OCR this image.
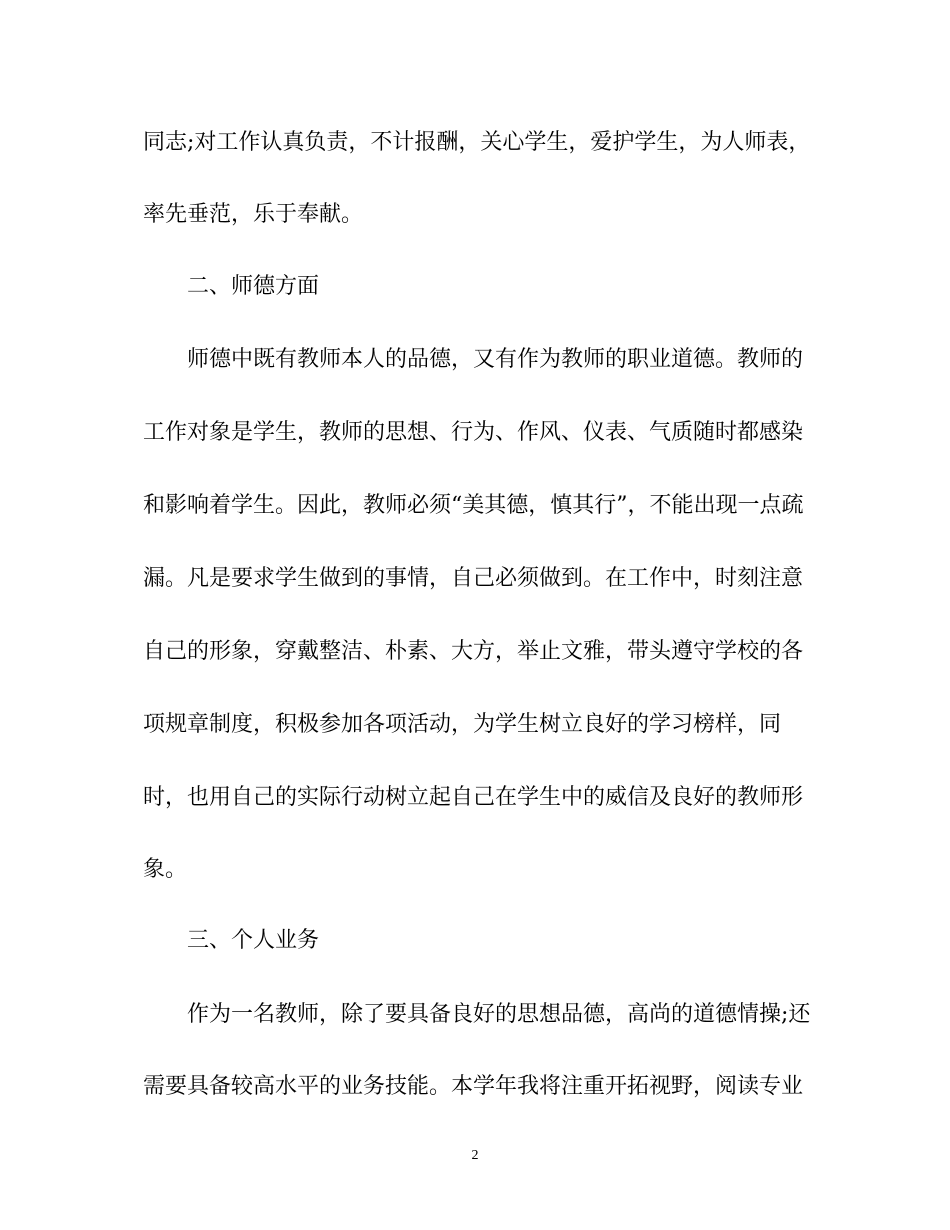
同志;对工作认真负责，不计报酬，关心学生，爱护学生，为人师表，
率先垂范，乐于奉献。
二、师德方面
师德中既有教师本人的品德，又有作为教师的职业道德。教师的
工作对象是学生，教师的思想、行为、作风、仪表、气质随时都感染
和影响着学生。因此，教师必须“美其德，慎其行”，不能出现一点疏
漏。凡是要求学生做到的事情，自己必须做到。在工作中，时刻注意
自己的形象，穿戴整洁、朴素、大方，举止文雅，带头遵守学校的各
项规章制度，积极参加各项活动，为学生树立良好的学习榜样，同
时，也用自己的实际行动树立起自己在学生中的威信及良好的教师形
象。
三、个人业务
作为一名教师，除了要具备良好的思想品德，高尚的道德情操;还
需要具备较高水平的业务技能。本学年我将注重开拓视野，阅读专业
2
